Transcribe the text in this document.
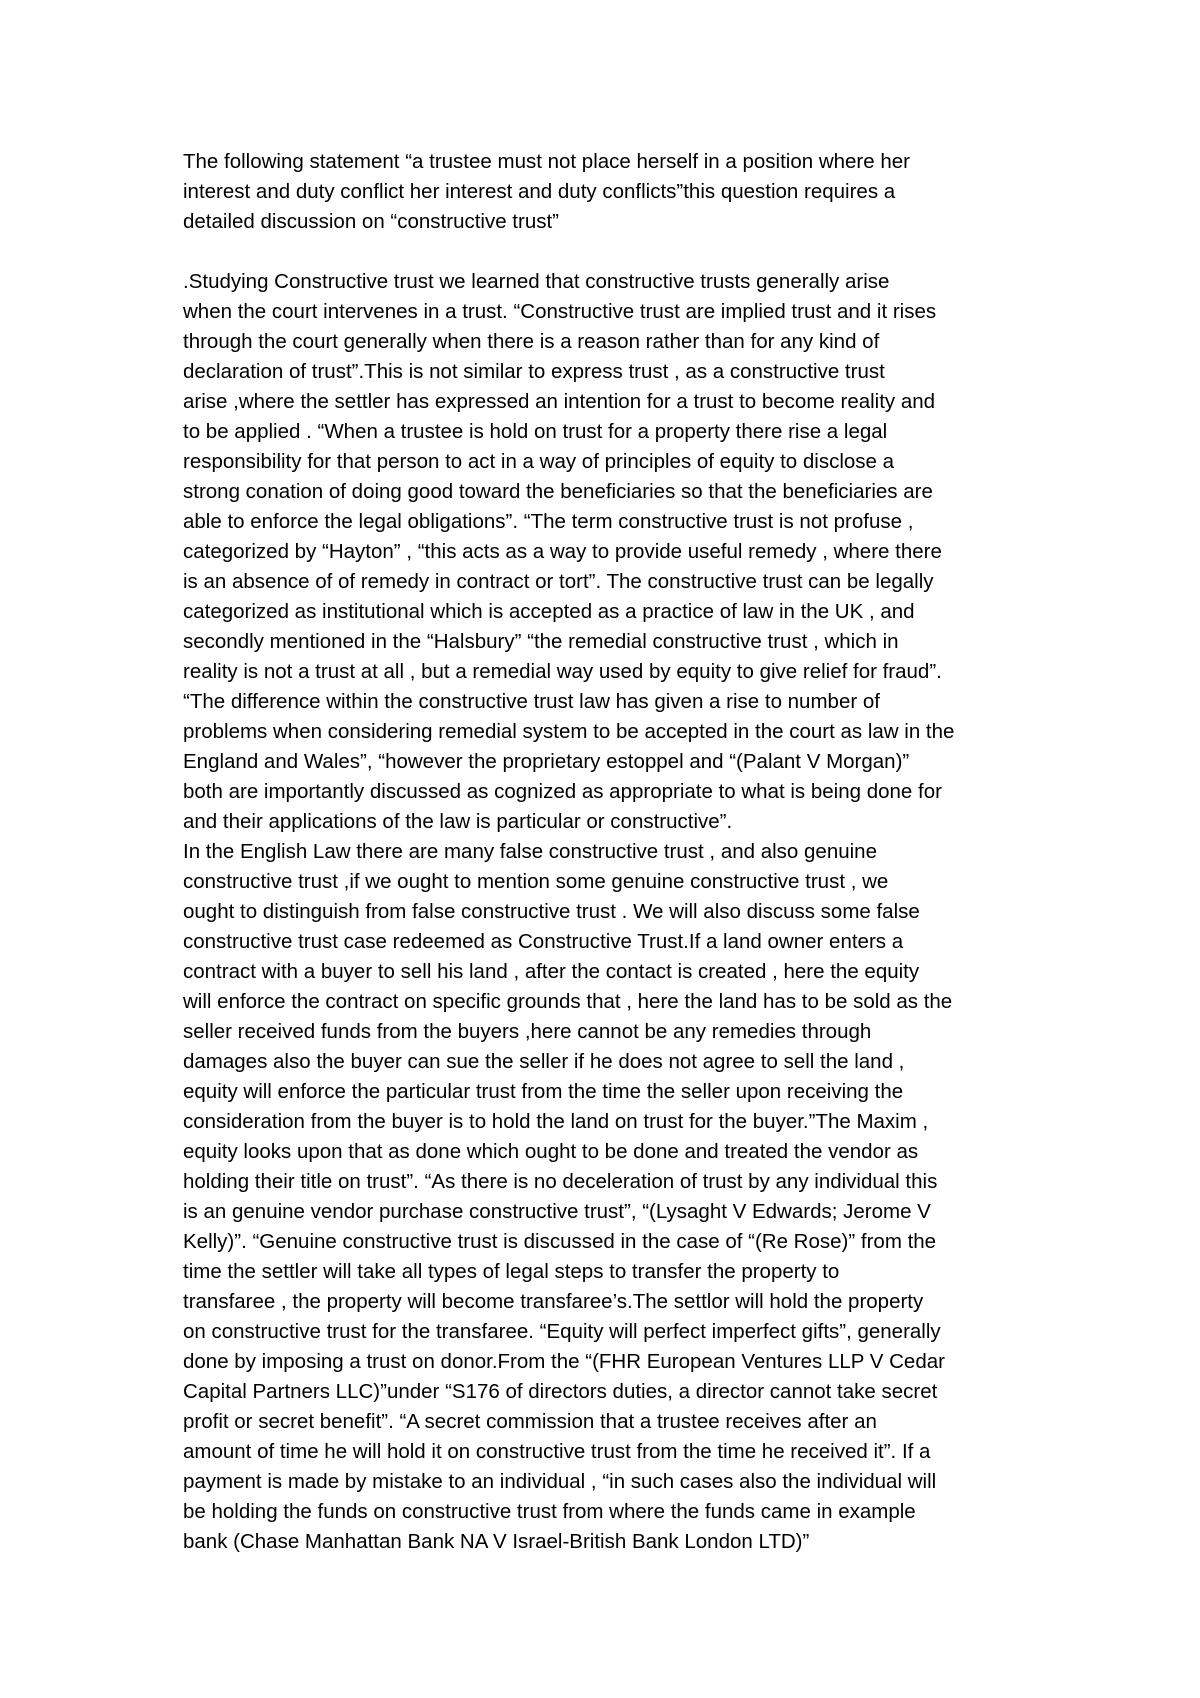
The following statement “a trustee must not place herself in a position where her
interest and duty conflict her interest and duty conflicts”this question requires a
detailed discussion on “constructive trust”

.Studying Constructive trust we learned that constructive trusts generally arise
when the court intervenes in a trust. “Constructive trust are implied trust and it rises
through the court generally when there is a reason rather than for any kind of
declaration of trust”.This is not similar to express trust , as a constructive trust
arise ,where the settler has expressed an intention for a trust to become reality and
to be applied . “When a trustee is hold on trust for a property there rise a legal
responsibility for that person to act in a way of principles of equity to disclose a
strong conation of doing good toward the beneficiaries so that the beneficiaries are
able to enforce the legal obligations”. “The term constructive trust is not profuse ,
categorized by “Hayton” , “this acts as a way to provide useful remedy , where there
is an absence of of remedy in contract or tort”. The constructive trust can be legally
categorized as institutional which is accepted as a practice of law in the UK , and
secondly mentioned in the “Halsbury” “the remedial constructive trust , which in
reality is not a trust at all , but a remedial way used by equity to give relief for fraud”.
“The difference within the constructive trust law has given a rise to number of
problems when considering remedial system to be accepted in the court as law in the
England and Wales”, “however the proprietary estoppel and “(Palant V Morgan)”
both are importantly discussed as cognized as appropriate to what is being done for
and their applications of the law is particular or constructive”.

In the English Law there are many false constructive trust , and also genuine
constructive trust ,if we ought to mention some genuine constructive trust , we
ought to distinguish from false constructive trust . We will also discuss some false
constructive trust case redeemed as Constructive Trust.If a land owner enters a
contract with a buyer to sell his land , after the contact is created , here the equity
will enforce the contract on specific grounds that , here the land has to be sold as the
seller received funds from the buyers ,here cannot be any remedies through
damages also the buyer can sue the seller if he does not agree to sell the land ,
equity will enforce the particular trust from the time the seller upon receiving the
consideration from the buyer is to hold the land on trust for the buyer.”The Maxim ,
equity looks upon that as done which ought to be done and treated the vendor as
holding their title on trust”. “As there is no deceleration of trust by any individual this
is an genuine vendor purchase constructive trust”, “(Lysaght V Edwards; Jerome V
Kelly)”. “Genuine constructive trust is discussed in the case of “(Re Rose)” from the
time the settler will take all types of legal steps to transfer the property to
transfaree , the property will become transfaree’s.The settlor will hold the property
on constructive trust for the transfaree. “Equity will perfect imperfect gifts”, generally
done by imposing a trust on donor.From the “(FHR European Ventures LLP V Cedar
Capital Partners LLC)”under “S176 of directors duties, a director cannot take secret
profit or secret benefit”. “A secret commission that a trustee receives after an
amount of time he will hold it on constructive trust from the time he received it”. If a
payment is made by mistake to an individual , “in such cases also the individual will
be holding the funds on constructive trust from where the funds came in example
bank (Chase Manhattan Bank NA V Israel-British Bank London LTD)”
